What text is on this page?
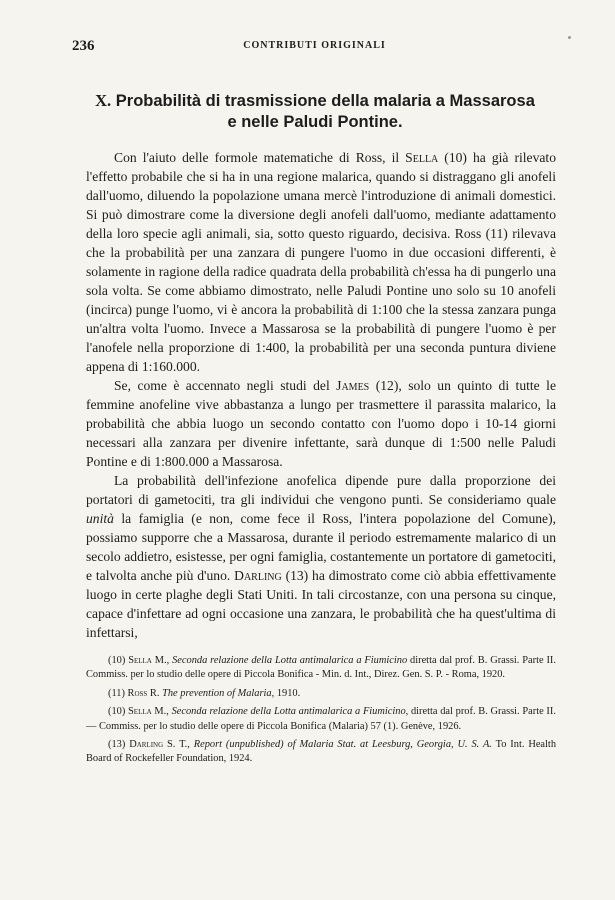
236	CONTRIBUTI ORIGINALI
X. Probabilità di trasmissione della malaria a Massarosa
e nelle Paludi Pontine.

Con l'aiuto delle formole matematiche di Ross, il Sella (10) ha già rilevato l'effetto probabile che si ha in una regione malarica, quando si distraggano gli anofeli dall'uomo, diluendo la popolazione umana mercè l'introduzione di animali domestici. Si può dimostrare come la diversione degli anofeli dall'uomo, mediante adattamento della loro specie agli animali, sia, sotto questo riguardo, decisiva. Ross (11) rilevava che la probabilità per una zanzara di pungere l'uomo in due occasioni differenti, è solamente in ragione della radice quadrata della probabilità ch'essa ha di pungerlo una sola volta. Se come abbiamo dimostrato, nelle Paludi Pontine uno solo su 10 anofeli (incirca) punge l'uomo, vi è ancora la probabilità di 1:100 che la stessa zanzara punga un'altra volta l'uomo. Invece a Massarosa se la probabilità di pungere l'uomo è per l'anofele nella proporzione di 1:400, la probabilità per una seconda puntura diviene appena di 1:160.000.

Se, come è accennato negli studi del James (12), solo un quinto di tutte le femmine anofeline vive abbastanza a lungo per trasmettere il parassita malarico, la probabilità che abbia luogo un secondo contatto con l'uomo dopo i 10-14 giorni necessari alla zanzara per divenire infettante, sarà dunque di 1:500 nelle Paludi Pontine e di 1:800.000 a Massarosa.

La probabilità dell'infezione anofelica dipende pure dalla proporzione dei portatori di gametociti, tra gli individui che vengono punti. Se consideriamo quale unità la famiglia (e non, come fece il Ross, l'intera popolazione del Comune), possiamo supporre che a Massarosa, durante il periodo estremamente malarico di un secolo addietro, esistesse, per ogni famiglia, costantemente un portatore di gametociti, e talvolta anche più d'uno. Darling (13) ha dimostrato come ciò abbia effettivamente luogo in certe plaghe degli Stati Uniti. In tali circostanze, con una persona su cinque, capace d'infettare ad ogni occasione una zanzara, le probabilità che ha quest'ultima di infettarsi,

(10) Sella M., Seconda relazione della Lotta antimalarica a Fiumicino diretta dal prof. B. Grassi. Parte II. Commiss. per lo studio delle opere di Piccola Bonifica - Min. d. Int., Direz. Gen. S. P. - Roma, 1920.

(11) Ross R. The prevention of Malaria, 1910.

(10) Sella M., Seconda relazione della Lotta antimalarica a Fiumicino, diretta dal prof. B. Grassi. Parte II. — Commiss. per lo studio delle opere di Piccola Bonifica (Malaria) 57 (1). Genève, 1926.

(13) Darling S. T., Report (unpublished) of Malaria Stat. at Leesburg, Georgia, U. S. A. To Int. Health Board of Rockefeller Foundation, 1924.
